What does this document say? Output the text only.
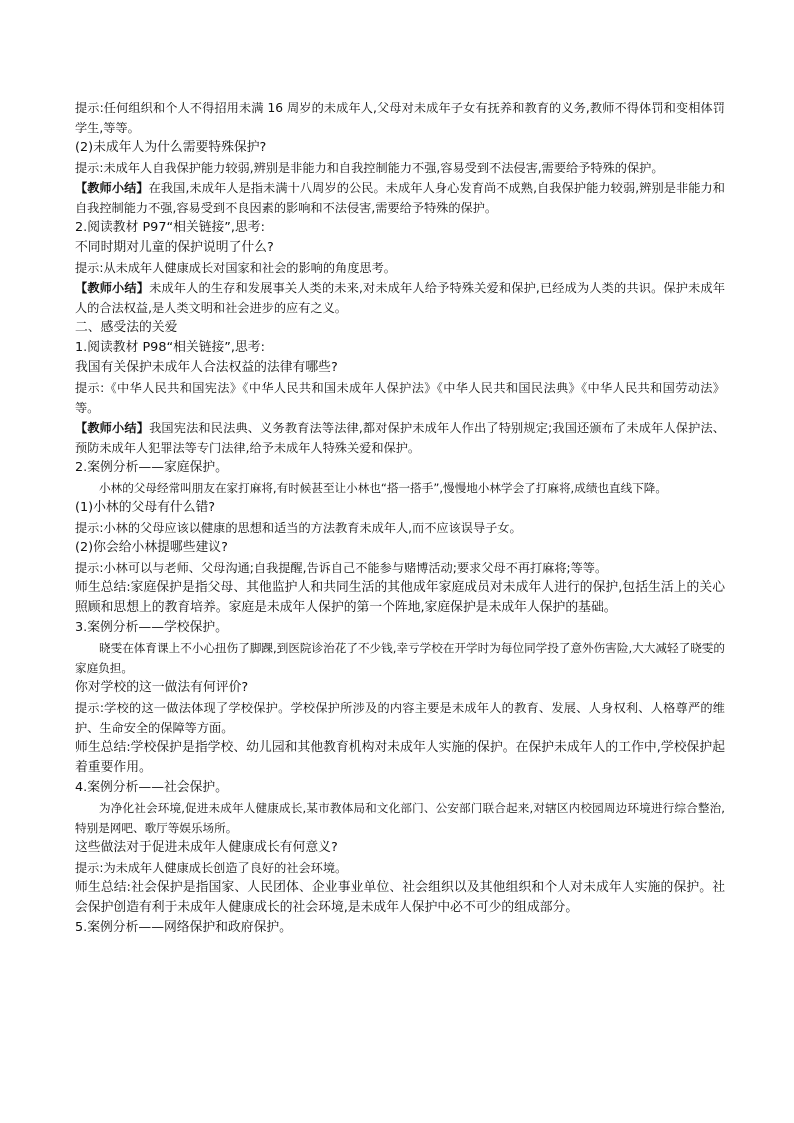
提示:任何组织和个人不得招用未满 16 周岁的未成年人,父母对未成年子女有抚养和教育的义务,教师不得体罚和变相体罚学生,等等。

(2)未成年人为什么需要特殊保护?

提示:未成年人自我保护能力较弱,辨别是非能力和自我控制能力不强,容易受到不法侵害,需要给予特殊的保护。

【教师小结】在我国,未成年人是指未满十八周岁的公民。未成年人身心发育尚不成熟,自我保护能力较弱,辨别是非能力和自我控制能力不强,容易受到不良因素的影响和不法侵害,需要给予特殊的保护。

2.阅读教材 P97“相关链接”,思考:

不同时期对儿童的保护说明了什么?

提示:从未成年人健康成长对国家和社会的影响的角度思考。

【教师小结】未成年人的生存和发展事关人类的未来,对未成年人给予特殊关爱和保护,已经成为人类的共识。保护未成年人的合法权益,是人类文明和社会进步的应有之义。

二、感受法的关爱

1.阅读教材 P98“相关链接”,思考:

我国有关保护未成年人合法权益的法律有哪些?

提示:《中华人民共和国宪法》《中华人民共和国未成年人保护法》《中华人民共和国民法典》《中华人民共和国劳动法》等。

【教师小结】我国宪法和民法典、义务教育法等法律,都对保护未成年人作出了特别规定;我国还颁布了未成年人保护法、预防未成年人犯罪法等专门法律,给予未成年人特殊关爱和保护。

2.案例分析——家庭保护。

小林的父母经常叫朋友在家打麻将,有时候甚至让小林也“搭一搭手”,慢慢地小林学会了打麻将,成绩也直线下降。

(1)小林的父母有什么错?

提示:小林的父母应该以健康的思想和适当的方法教育未成年人,而不应该误导子女。

(2)你会给小林提哪些建议?

提示:小林可以与老师、父母沟通;自我提醒,告诉自己不能参与赌博活动;要求父母不再打麻将;等等。

师生总结:家庭保护是指父母、其他监护人和共同生活的其他成年家庭成员对未成年人进行的保护,包括生活上的关心照顾和思想上的教育培养。家庭是未成年人保护的第一个阵地,家庭保护是未成年人保护的基础。

3.案例分析——学校保护。

晓雯在体育课上不小心扭伤了脚踝,到医院诊治花了不少钱,幸亏学校在开学时为每位同学投了意外伤害险,大大减轻了晓雯的家庭负担。

你对学校的这一做法有何评价?

提示:学校的这一做法体现了学校保护。学校保护所涉及的内容主要是未成年人的教育、发展、人身权利、人格尊严的维护、生命安全的保障等方面。

师生总结:学校保护是指学校、幼儿园和其他教育机构对未成年人实施的保护。在保护未成年人的工作中,学校保护起着重要作用。

4.案例分析——社会保护。

为净化社会环境,促进未成年人健康成长,某市教体局和文化部门、公安部门联合起来,对辖区内校园周边环境进行综合整治,特别是网吧、歌厅等娱乐场所。

这些做法对于促进未成年人健康成长有何意义?

提示:为未成年人健康成长创造了良好的社会环境。

师生总结:社会保护是指国家、人民团体、企业事业单位、社会组织以及其他组织和个人对未成年人实施的保护。社会保护创造有利于未成年人健康成长的社会环境,是未成年人保护中必不可少的组成部分。

5.案例分析——网络保护和政府保护。
